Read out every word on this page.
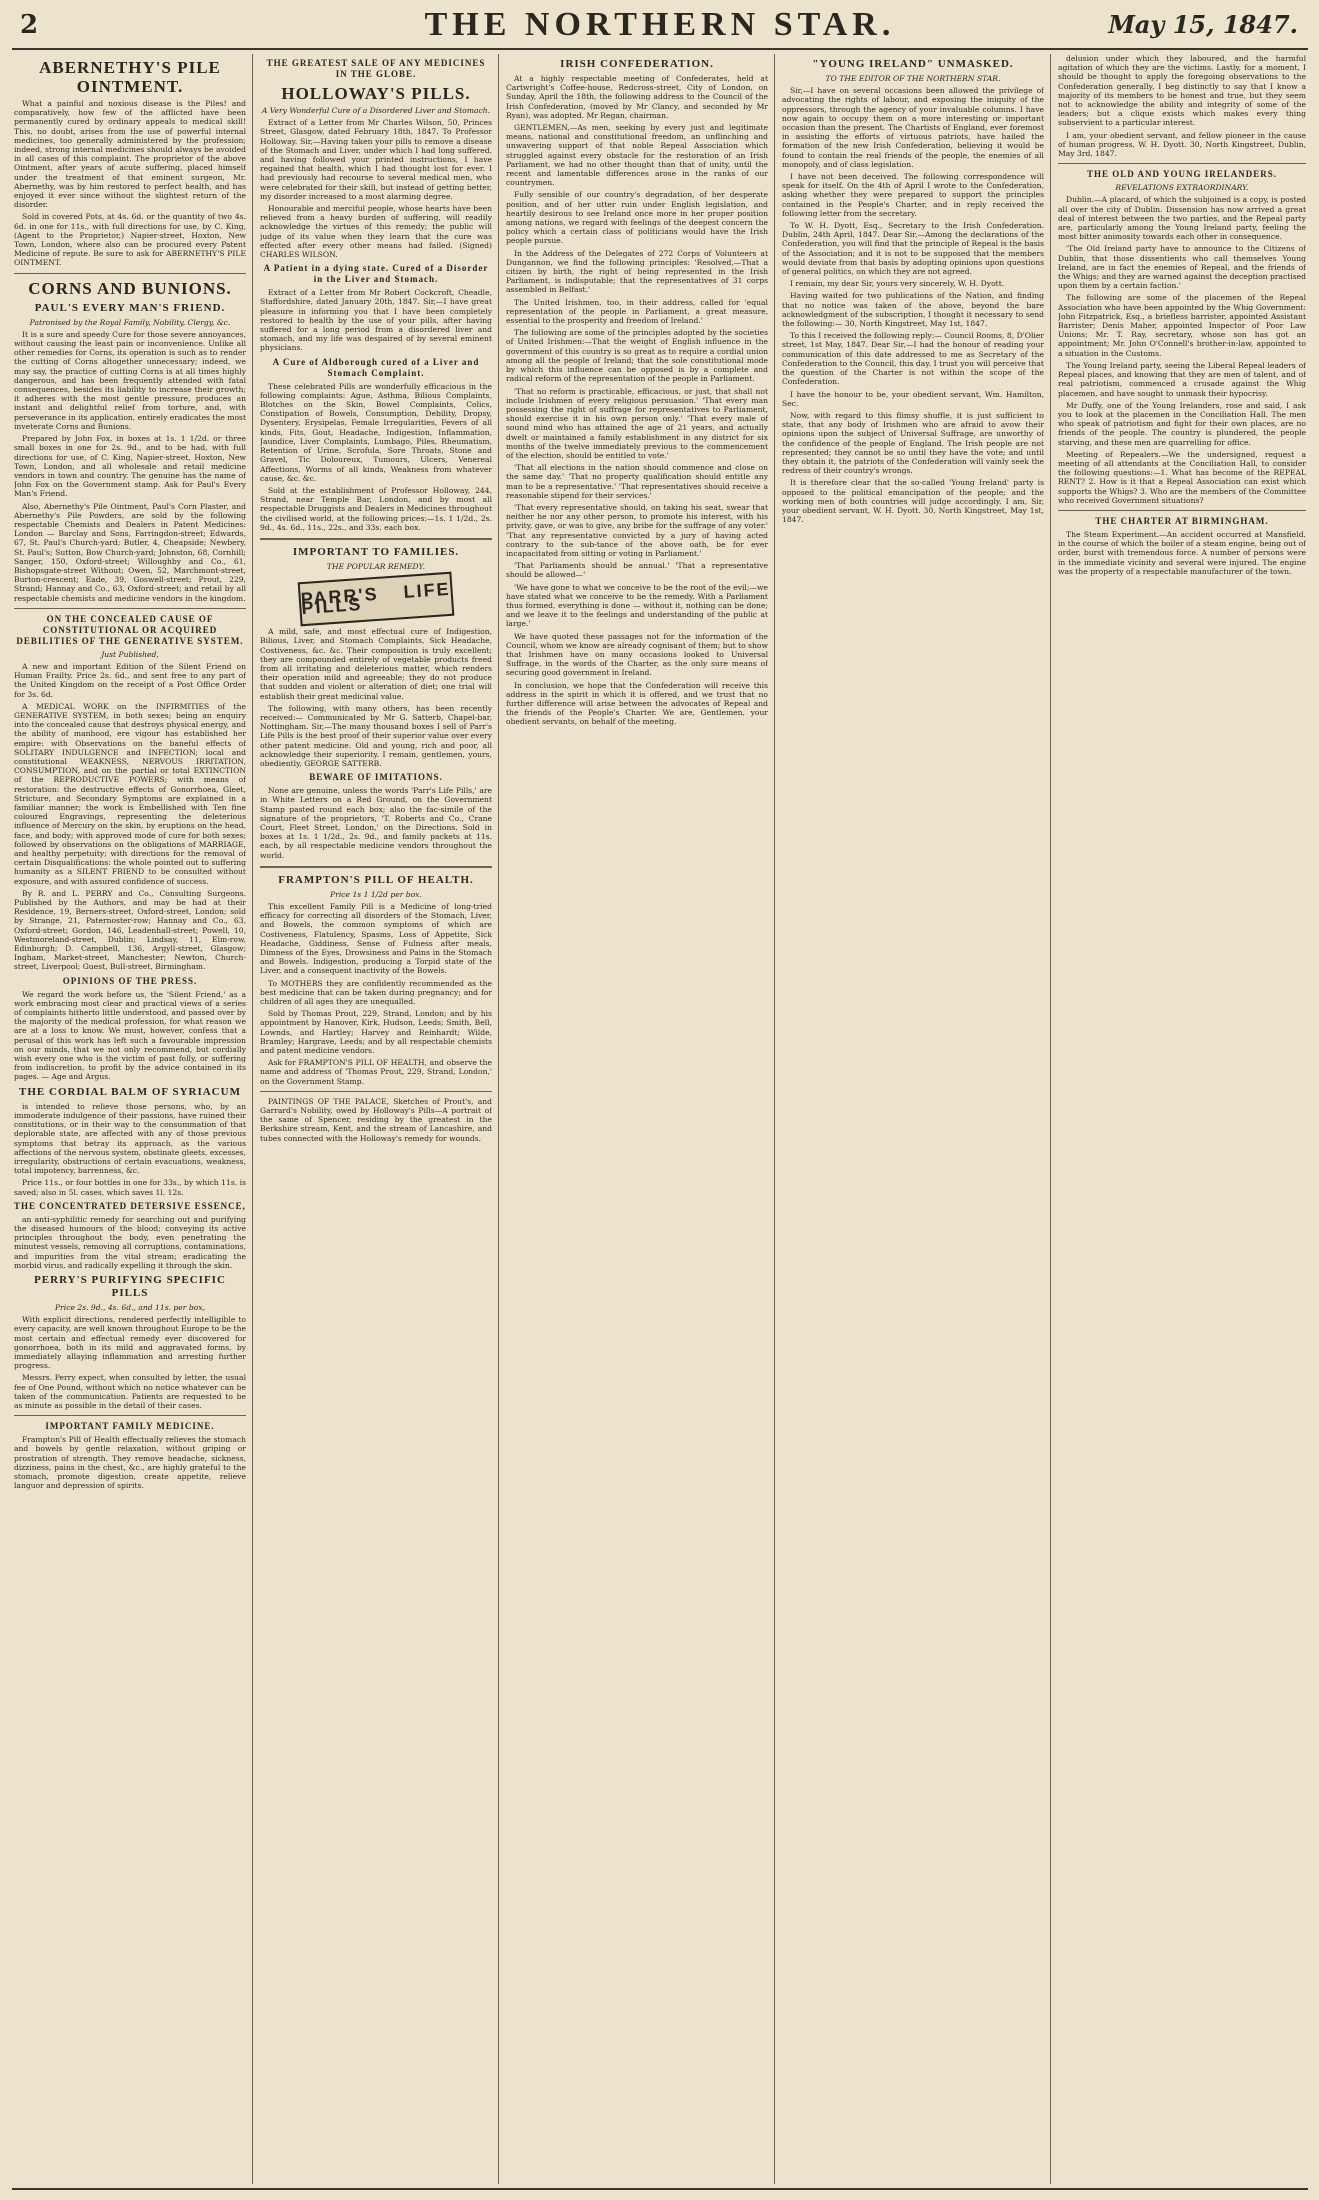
2	THE NORTHERN STAR.	May 15, 1847.
ABERNETHY'S PILE OINTMENT.

What a painful and noxious disease is the Piles! and comparatively, how few of the afflicted have been permanently cured by ordinary appeals to medical skill! This, no doubt, arises from the use of powerful internal medicines, too generally administered by the profession; indeed, strong internal medicines should always be avoided in all cases of this complaint. The proprietor of the above Ointment, after years of acute suffering, placed himself under the treatment of that eminent surgeon, Mr. Abernethy, was by him restored to perfect health, and has enjoyed it ever since without the slightest return of the disorder.

Sold in covered Pots, at 4s. 6d. or the quantity of two 4s. 6d. in one for 11s., with full directions for use, by C. King, (Agent to the Proprietor,) Napier-street, Hoxton, New Town, London, where also can be procured every Patent Medicine of repute. Be sure to ask for ABERNETHY'S PILE OINTMENT.

CORNS AND BUNIONS.
PAUL'S EVERY MAN'S FRIEND.
Patronised by the Royal Family, Nobility, Clergy, &c.

It is a sure and speedy Cure for those severe annoyances, without causing the least pain or inconvenience. Unlike all other remedies for Corns, its operation is such as to render the cutting of Corns altogether unnecessary; indeed, we may say, the practice of cutting Corns is at all times highly dangerous, and has been frequently attended with fatal consequences, besides its liability to increase their growth; it adheres with the most gentle pressure, produces an instant and delightful relief from torture, and, with perseverance in its application, entirely eradicates the most inveterate Corns and Bunions.

Prepared by John Fox, in boxes at 1s. 1 1/2d. or three small boxes in one for 2s. 9d., and to be had, with full directions for use, of C. King, Napier-street, Hoxton, New Town, London, and all wholesale and retail medicine vendors in town and country. The genuine has the name of John Fox on the Government stamp. Ask for Paul's Every Man's Friend.

Also, Abernethy's Pile Ointment, Paul's Corn Plaster, and Abernethy's Pile Powders, are sold by the following respectable Chemists and Dealers in Patent Medicines: London — Barclay and Sons, Farringdon-street; Edwards, 67, St. Paul's Church-yard; Butler, 4, Cheapside; Newbery, St. Paul's; Sutton, Bow Church-yard; Johnston, 68, Cornhill; Sanger, 150, Oxford-street; Willoughby and Co., 61, Bishopsgate-street Without; Owen, 52, Marchmont-street, Burton-crescent; Eade, 39, Goswell-street; Prout, 229, Strand; Hannay and Co., 63, Oxford-street; and retail by all respectable chemists and medicine vendors in the kingdom.

ON THE CONCEALED CAUSE OF CONSTITUTIONAL OR ACQUIRED DEBILITIES OF THE GENERATIVE SYSTEM.
Just Published,

A new and important Edition of the Silent Friend on Human Frailty. Price 2s. 6d., and sent free to any part of the United Kingdom on the receipt of a Post Office Order for 3s. 6d.

A MEDICAL WORK on the INFIRMITIES of the GENERATIVE SYSTEM, in both sexes; being an enquiry into the concealed cause that destroys physical energy, and the ability of manhood, ere vigour has established her empire: with Observations on the baneful effects of SOLITARY INDULGENCE and INFECTION; local and constitutional WEAKNESS, NERVOUS IRRITATION, CONSUMPTION, and on the partial or total EXTINCTION of the REPRODUCTIVE POWERS; with means of restoration: the destructive effects of Gonorrhoea, Gleet, Stricture, and Secondary Symptoms are explained in a familiar manner; the work is Embellished with Ten fine coloured Engravings, representing the deleterious influence of Mercury on the skin, by eruptions on the head, face, and body; with approved mode of cure for both sexes; followed by observations on the obligations of MARRIAGE, and healthy perpetuity; with directions for the removal of certain Disqualifications: the whole pointed out to suffering humanity as a SILENT FRIEND to be consulted without exposure, and with assured confidence of success.

By R. and L. PERRY and Co., Consulting Surgeons. Published by the Authors, and may be had at their Residence, 19, Berners-street, Oxford-street, London; sold by Strange, 21, Paternoster-row; Hannay and Co., 63, Oxford-street; Gordon, 146, Leadenhall-street; Powell, 10, Westmoreland-street, Dublin; Lindsay, 11, Elm-row, Edinburgh; D. Campbell, 136, Argyll-street, Glasgow; Ingham, Market-street, Manchester; Newton, Church-street, Liverpool; Guest, Bull-street, Birmingham.

OPINIONS OF THE PRESS.

We regard the work before us, the 'Silent Friend,' as a work embracing most clear and practical views of a series of complaints hitherto little understood, and passed over by the majority of the medical profession, for what reason we are at a loss to know. We must, however, confess that a perusal of this work has left such a favourable impression on our minds, that we not only recommend, but cordially wish every one who is the victim of past folly, or suffering from indiscretion, to profit by the advice contained in its pages. — Age and Argus.

THE CORDIAL BALM OF SYRIACUM

is intended to relieve those persons, who, by an immoderate indulgence of their passions, have ruined their constitutions, or in their way to the consummation of that deplorable state, are affected with any of those previous symptoms that betray its approach, as the various affections of the nervous system, obstinate gleets, excesses, irregularity, obstructions of certain evacuations, weakness, total impotency, barrenness, &c.

Price 11s., or four bottles in one for 33s., by which 11s. is saved; also in 5l. cases, which saves 1l. 12s.

THE CONCENTRATED DETERSIVE ESSENCE,

an anti-syphilitic remedy for searching out and purifying the diseased humours of the blood; conveying its active principles throughout the body, even penetrating the minutest vessels, removing all corruptions, contaminations, and impurities from the vital stream; eradicating the morbid virus, and radically expelling it through the skin.

PERRY'S PURIFYING SPECIFIC PILLS
Price 2s. 9d., 4s. 6d., and 11s. per box,

With explicit directions, rendered perfectly intelligible to every capacity, are well known throughout Europe to be the most certain and effectual remedy ever discovered for gonorrhoea, both in its mild and aggravated forms, by immediately allaying inflammation and arresting further progress.

Messrs. Perry expect, when consulted by letter, the usual fee of One Pound, without which no notice whatever can be taken of the communication. Patients are requested to be as minute as possible in the detail of their cases.

IMPORTANT FAMILY MEDICINE.

Frampton's Pill of Health effectually relieves the stomach and bowels by gentle relaxation, without griping or prostration of strength. They remove headache, sickness, dizziness, pains in the chest, &c., are highly grateful to the stomach, promote digestion, create appetite, relieve languor and depression of spirits.

THE GREATEST SALE OF ANY MEDICINES IN THE GLOBE.
HOLLOWAY'S PILLS.
A Very Wonderful Cure of a Disordered Liver and Stomach.

Extract of a Letter from Mr Charles Wilson, 50, Princes Street, Glasgow, dated February 18th, 1847. To Professor Holloway. Sir,—Having taken your pills to remove a disease of the Stomach and Liver, under which I had long suffered, and having followed your printed instructions, I have regained that health, which I had thought lost for ever. I had previously had recourse to several medical men, who were celebrated for their skill, but instead of getting better, my disorder increased to a most alarming degree.

Honourable and merciful people, whose hearts have been relieved from a heavy burden of suffering, will readily acknowledge the virtues of this remedy; the public will judge of its value when they learn that the cure was effected after every other means had failed. (Signed) CHARLES WILSON.

A Patient in a dying state. Cured of a Disorder in the Liver and Stomach.

Extract of a Letter from Mr Robert Cockcroft, Cheadle, Staffordshire, dated January 20th, 1847. Sir,—I have great pleasure in informing you that I have been completely restored to health by the use of your pills, after having suffered for a long period from a disordered liver and stomach, and my life was despaired of by several eminent physicians.

A Cure of Aldborough cured of a Liver and Stomach Complaint.

These celebrated Pills are wonderfully efficacious in the following complaints: Ague, Asthma, Bilious Complaints, Blotches on the Skin, Bowel Complaints, Colics, Constipation of Bowels, Consumption, Debility, Dropsy, Dysentery, Erysipelas, Female Irregularities, Fevers of all kinds, Fits, Gout, Headache, Indigestion, Inflammation, Jaundice, Liver Complaints, Lumbago, Piles, Rheumatism, Retention of Urine, Scrofula, Sore Throats, Stone and Gravel, Tic Doloureux, Tumours, Ulcers, Venereal Affections, Worms of all kinds, Weakness from whatever cause, &c. &c.

Sold at the establishment of Professor Holloway, 244, Strand, near Temple Bar, London, and by most all respectable Druggists and Dealers in Medicines throughout the civilised world, at the following prices:—1s. 1 1/2d., 2s. 9d., 4s. 6d., 11s., 22s., and 33s. each box.

IMPORTANT TO FAMILIES.
THE POPULAR REMEDY.
PARR'S LIFE PILLS

A mild, safe, and most effectual cure of Indigestion, Bilious, Liver, and Stomach Complaints, Sick Headache, Costiveness, &c. &c. Their composition is truly excellent; they are compounded entirely of vegetable products freed from all irritating and deleterious matter, which renders their operation mild and agreeable; they do not produce that sudden and violent or alteration of diet; one trial will establish their great medicinal value.

The following, with many others, has been recently received:— Communicated by Mr G. Satterb, Chapel-bar, Nottingham. Sir,—The many thousand boxes I sell of Parr's Life Pills is the best proof of their superior value over every other patent medicine. Old and young, rich and poor, all acknowledge their superiority. I remain, gentlemen, yours, obediently, GEORGE SATTERB.

BEWARE OF IMITATIONS.

None are genuine, unless the words 'Parr's Life Pills,' are in White Letters on a Red Ground, on the Government Stamp pasted round each box; also the fac-simile of the signature of the proprietors, 'T. Roberts and Co., Crane Court, Fleet Street, London,' on the Directions. Sold in boxes at 1s. 1 1/2d., 2s. 9d., and family packets at 11s. each, by all respectable medicine vendors throughout the world.

FRAMPTON'S PILL OF HEALTH.
Price 1s 1 1/2d per box.

This excellent Family Pill is a Medicine of long-tried efficacy for correcting all disorders of the Stomach, Liver, and Bowels, the common symptoms of which are Costiveness, Flatulency, Spasms, Loss of Appetite, Sick Headache, Giddiness, Sense of Fulness after meals, Dimness of the Eyes, Drowsiness and Pains in the Stomach and Bowels. Indigestion, producing a Torpid state of the Liver, and a consequent inactivity of the Bowels.

To MOTHERS they are confidently recommended as the best medicine that can be taken during pregnancy; and for children of all ages they are unequalled.

Sold by Thomas Prout, 229, Strand, London; and by his appointment by Hanover, Kirk, Hudson, Leeds; Smith, Bell, Lownds, and Hartley; Harvey and Reinhardt; Wilde, Bramley; Hargrave, Leeds; and by all respectable chemists and patent medicine vendors.

Ask for FRAMPTON'S PILL OF HEALTH, and observe the name and address of 'Thomas Prout, 229, Strand, London,' on the Government Stamp.

PAINTINGS OF THE PALACE, Sketches of Prout's, and Garrard's Nobility, owed by Holloway's Pills—A portrait of the same of Spencer, residing by the greatest in the Berkshire stream, Kent, and the stream of Lancashire, and tubes connected with the Holloway's remedy for wounds.

IRISH CONFEDERATION.

At a highly respectable meeting of Confederates, held at Cartwright's Coffee-house, Redcross-street, City of London, on Sunday, April the 18th, the following address to the Council of the Irish Confederation, (moved by Mr Clancy, and seconded by Mr Ryan), was adopted. Mr Regan, chairman.

GENTLEMEN,—As men, seeking by every just and legitimate means, national and constitutional freedom, an unflinching and unwavering support of that noble Repeal Association which struggled against every obstacle for the restoration of an Irish Parliament, we had no other thought than that of unity, until the recent and lamentable differences arose in the ranks of our countrymen.

Fully sensible of our country's degradation, of her desperate position, and of her utter ruin under English legislation, and heartily desirous to see Ireland once more in her proper position among nations, we regard with feelings of the deepest concern the policy which a certain class of politicians would have the Irish people pursue.

In the Address of the Delegates of 272 Corps of Volunteers at Dungannon, we find the following principles: 'Resolved,—That a citizen by birth, the right of being represented in the Irish Parliament, is indisputable; that the representatives of 31 corps assembled in Belfast.'

The United Irishmen, too, in their address, called for 'equal representation of the people in Parliament, a great measure, essential to the prosperity and freedom of Ireland.'

The following are some of the principles adopted by the societies of United Irishmen:—That the weight of English influence in the government of this country is so great as to require a cordial union among all the people of Ireland; that the sole constitutional mode by which this influence can be opposed is by a complete and radical reform of the representation of the people in Parliament.

'That no reform is practicable, efficacious, or just, that shall not include Irishmen of every religious persuasion.' 'That every man possessing the right of suffrage for representatives to Parliament, should exercise it in his own person only.' 'That every male of sound mind who has attained the age of 21 years, and actually dwelt or maintained a family establishment in any district for six months of the twelve immediately previous to the commencement of the election, should be entitled to vote.'

'That all elections in the nation should commence and close on the same day.' 'That no property qualification should entitle any man to be a representative.' 'That representatives should receive a reasonable stipend for their services.'

'That every representative should, on taking his seat, swear that neither he nor any other person, to promote his interest, with his privity, gave, or was to give, any bribe for the suffrage of any voter.' 'That any representative convicted by a jury of having acted contrary to the sub-tance of the above oath, be for ever incapacitated from sitting or voting in Parliament.'

'That Parliaments should be annual.' 'That a representative should be allowed—'

'We have gone to what we conceive to be the root of the evil;—we have stated what we conceive to be the remedy. With a Parliament thus formed, everything is done — without it, nothing can be done; and we leave it to the feelings and understanding of the public at large.'

We have quoted these passages not for the information of the Council, whom we know are already cognisant of them; but to show that Irishmen have on many occasions looked to Universal Suffrage, in the words of the Charter, as the only sure means of securing good government in Ireland.

In conclusion, we hope that the Confederation will receive this address in the spirit in which it is offered, and we trust that no further difference will arise between the advocates of Repeal and the friends of the People's Charter. We are, Gentlemen, your obedient servants, on behalf of the meeting.

"YOUNG IRELAND" UNMASKED.
TO THE EDITOR OF THE NORTHERN STAR.

Sir,—I have on several occasions been allowed the privilege of advocating the rights of labour, and exposing the iniquity of the oppressors, through the agency of your invaluable columns. I have now again to occupy them on a more interesting or important occasion than the present. The Chartists of England, ever foremost in assisting the efforts of virtuous patriots, have hailed the formation of the new Irish Confederation, believing it would be found to contain the real friends of the people, the enemies of all monopoly, and of class legislation.

I have not been deceived. The following correspondence will speak for itself. On the 4th of April I wrote to the Confederation, asking whether they were prepared to support the principles contained in the People's Charter, and in reply received the following letter from the secretary.

To W. H. Dyott, Esq., Secretary to the Irish Confederation. Dublin, 24th April, 1847. Dear Sir,—Among the declarations of the Confederation, you will find that the principle of Repeal is the basis of the Association; and it is not to be supposed that the members would deviate from that basis by adopting opinions upon questions of general politics, on which they are not agreed.

I remain, my dear Sir, yours very sincerely, W. H. Dyott.

Having waited for two publications of the Nation, and finding that no notice was taken of the above, beyond the bare acknowledgment of the subscription, I thought it necessary to send the following:— 30, North Kingstreet, May 1st, 1847.

To this I received the following reply:— Council Rooms, 8, D'Olier street, 1st May, 1847. Dear Sir,—I had the honour of reading your communication of this date addressed to me as Secretary of the Confederation to the Council, this day. I trust you will perceive that the question of the Charter is not within the scope of the Confederation.

I have the honour to be, your obedient servant, Wm. Hamilton, Sec.

Now, with regard to this flimsy shuffle, it is just sufficient to state, that any body of Irishmen who are afraid to avow their opinions upon the subject of Universal Suffrage, are unworthy of the confidence of the people of England. The Irish people are not represented; they cannot be so until they have the vote; and until they obtain it, the patriots of the Confederation will vainly seek the redress of their country's wrongs.

It is therefore clear that the so-called 'Young Ireland' party is opposed to the political emancipation of the people; and the working men of both countries will judge accordingly. I am, Sir, your obedient servant, W. H. Dyott. 30, North Kingstreet, May 1st, 1847.

delusion under which they laboured, and the harmful agitation of which they are the victims. Lastly, for a moment, I should be thought to apply the foregoing observations to the Confederation generally, I beg distinctly to say that I know a majority of its members to be honest and true, but they seem not to acknowledge the ability and integrity of some of the leaders; but a clique exists which makes every thing subservient to a particular interest.

I am, your obedient servant, and fellow pioneer in the cause of human progress, W. H. Dyott. 30, North Kingstreet, Dublin, May 3rd, 1847.

THE OLD AND YOUNG IRELANDERS.
REVELATIONS EXTRAORDINARY.

Dublin.—A placard, of which the subjoined is a copy, is posted all over the city of Dublin. Dissension has now arrived a great deal of interest between the two parties, and the Repeal party are, particularly among the Young Ireland party, feeling the most bitter animosity towards each other in consequence.

'The Old Ireland party have to announce to the Citizens of Dublin, that those dissentients who call themselves Young Ireland, are in fact the enemies of Repeal, and the friends of the Whigs; and they are warned against the deception practised upon them by a certain faction.'

The following are some of the placemen of the Repeal Association who have been appointed by the Whig Government: John Fitzpatrick, Esq., a briefless barrister, appointed Assistant Barrister; Denis Maher, appointed Inspector of Poor Law Unions; Mr. T. Ray, secretary, whose son has got an appointment; Mr. John O'Connell's brother-in-law, appointed to a situation in the Customs.

The Young Ireland party, seeing the Liberal Repeal leaders of Repeal places, and knowing that they are men of talent, and of real patriotism, commenced a crusade against the Whig placemen, and have sought to unmask their hypocrisy.

Mr Duffy, one of the Young Irelanders, rose and said, I ask you to look at the placemen in the Conciliation Hall. The men who speak of patriotism and fight for their own places, are no friends of the people. The country is plundered, the people starving, and these men are quarrelling for office.

Meeting of Repealers.—We the undersigned, request a meeting of all attendants at the Conciliation Hall, to consider the following questions:—1. What has become of the REPEAL RENT? 2. How is it that a Repeal Association can exist which supports the Whigs? 3. Who are the members of the Committee who received Government situations?

THE CHARTER AT BIRMINGHAM.

The Steam Experiment.—An accident occurred at Mansfield, in the course of which the boiler of a steam engine, being out of order, burst with tremendous force. A number of persons were in the immediate vicinity and several were injured. The engine was the property of a respectable manufacturer of the town.
